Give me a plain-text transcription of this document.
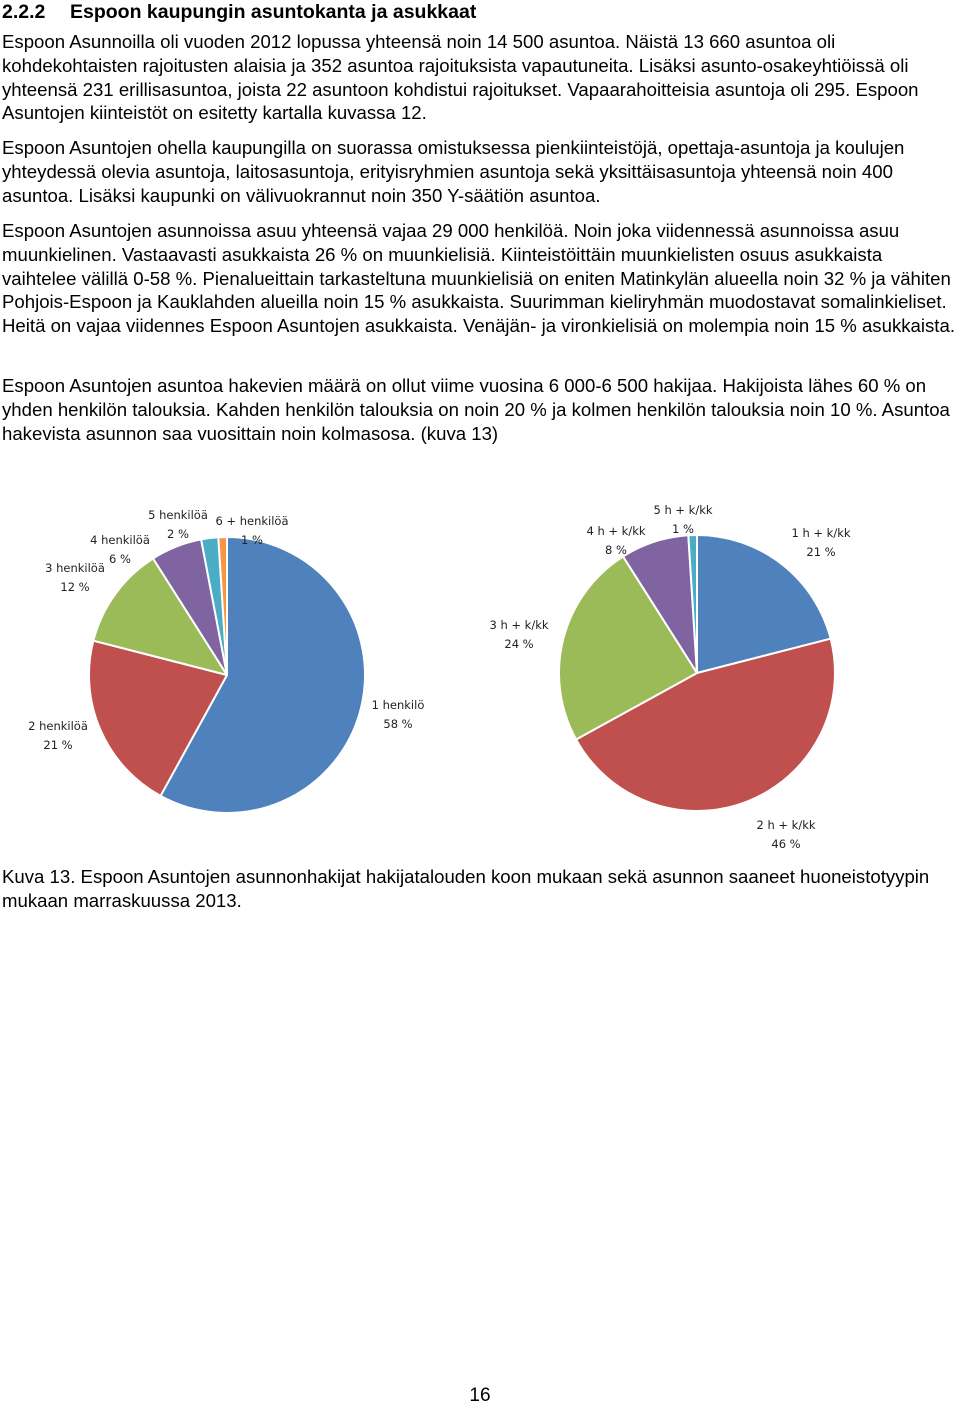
2.2.2 Espoon kaupungin asuntokanta ja asukkaat

Espoon Asunnoilla oli vuoden 2012 lopussa yhteensä noin 14 500 asuntoa. Näistä 13 660 asuntoa oli kohdekohtaisten rajoitusten alaisia ja 352 asuntoa rajoituksista vapautuneita. Lisäksi asunto-osakeyhtiöissä oli yhteensä 231 erillisasuntoa, joista 22 asuntoon kohdistui rajoitukset. Vapaarahoitteisia asuntoja oli 295. Espoon Asuntojen kiinteistöt on esitetty kartalla kuvassa 12.

Espoon Asuntojen ohella kaupungilla on suorassa omistuksessa pienkiinteistöjä, opettaja-asuntoja ja koulujen yhteydessä olevia asuntoja, laitosasuntoja, erityisryhmien asuntoja sekä yksittäisasuntoja yhteensä noin 400 asuntoa. Lisäksi kaupunki on välivuokrannut noin 350 Y-säätiön asuntoa.

Espoon Asuntojen asunnoissa asuu yhteensä vajaa 29 000 henkilöä. Noin joka viidennessä asunnoissa asuu muunkielinen. Vastaavasti asukkaista 26 % on muunkielisiä. Kiinteistöittäin muunkielisten osuus asukkaista vaihtelee välillä 0-58 %. Pienalueittain tarkasteltuna muunkielisiä on eniten Matinkylän alueella noin 32 % ja vähiten Pohjois-Espoon ja Kauklahden alueilla noin 15 % asukkaista. Suurimman kieliryhmän muodostavat somalinkieliset. Heitä on vajaa viidennes Espoon Asuntojen asukkaista. Venäjän- ja vironkielisiä on molempia noin 15 % asukkaista.

Espoon Asuntojen asuntoa hakevien määrä on ollut viime vuosina 6 000-6 500 hakijaa. Hakijoista lähes 60 % on yhden henkilön talouksia. Kahden henkilön talouksia on noin 20 % ja kolmen henkilön talouksia noin 10 %. Asuntoa hakevista asunnon saa vuosittain noin kolmasosa. (kuva 13)

1 henkilö 58 %
2 henkilöä 21 %
3 henkilöä 12 %
4 henkilöä 6 %
5 henkilöä 2 %
6 + henkilöä 1 %	1 h + k/kk 21 %
2 h + k/kk 46 %
3 h + k/kk 24 %
4 h + k/kk 8 %
5 h + k/kk 1 %

Kuva 13. Espoon Asuntojen asunnonhakijat hakijatalouden koon mukaan sekä asunnon saaneet huoneistotyypin mukaan marraskuussa 2013.

16
